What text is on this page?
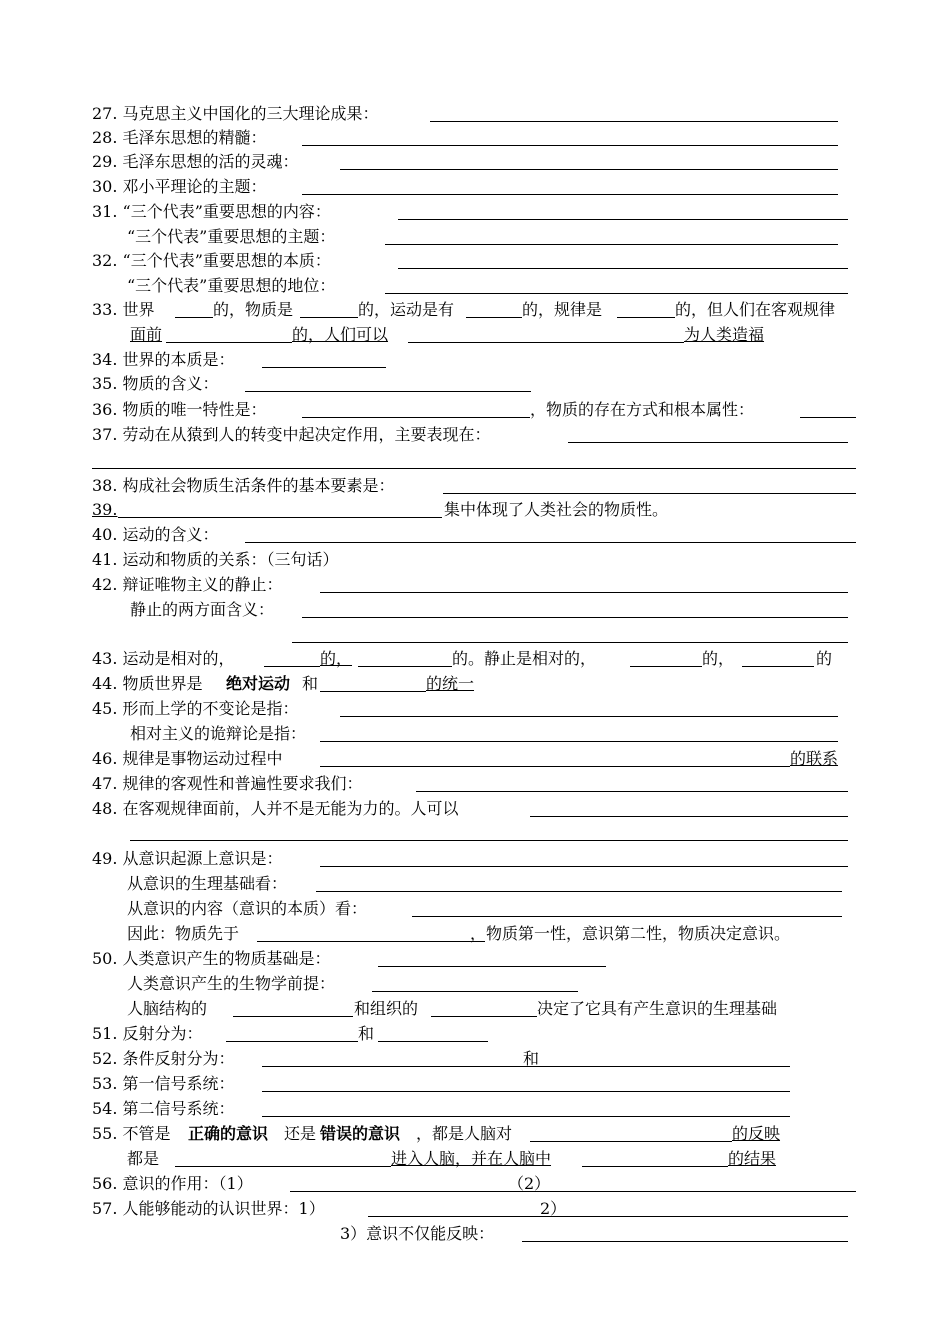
27. 马克思主义中国化的三大理论成果：
28. 毛泽东思想的精髓：
29. 毛泽东思想的活的灵魂：
30. 邓小平理论的主题：
31. “三个代表”重要思想的内容：
“三个代表”重要思想的主题：
32. “三个代表”重要思想的本质：
“三个代表”重要思想的地位：
33. 世界	的，物质是	的，运动是有	的，规律是	的，但人们在客观规律
面前	的，人们可以	为人类造福
34. 世界的本质是：
35. 物质的含义：
36. 物质的唯一特性是：	，物质的存在方式和根本属性：
37. 劳动在从猿到人的转变中起决定作用，主要表现在：
38. 构成社会物质生活条件的基本要素是：
39.	集中体现了人类社会的物质性。
40. 运动的含义：
41. 运动和物质的关系：（三句话）
42. 辩证唯物主义的静止：
静止的两方面含义：
43. 运动是相对的，	的，	的。静止是相对的，	的，	的
44. 物质世界是 绝对运动 和	的统一
45. 形而上学的不变论是指：
相对主义的诡辩论是指：
46. 规律是事物运动过程中	的联系
47. 规律的客观性和普遍性要求我们：
48. 在客观规律面前，人并不是无能为力的。人可以
49. 从意识起源上意识是：
从意识的生理基础看：
从意识的内容（意识的本质）看：
因此：物质先于	，物质第一性，意识第二性，物质决定意识。
50. 人类意识产生的物质基础是：
人类意识产生的生物学前提：
人脑结构的	和组织的	决定了它具有产生意识的生理基础
51. 反射分为：	和
52. 条件反射分为：	和
53. 第一信号系统：
54. 第二信号系统：
55. 不管是 正确的意识 还是 错误的意识 ，都是人脑对	的反映
都是	进入人脑，并在人脑中	的结果
56. 意识的作用：（1）	（2）
57. 人能够能动的认识世界：1）	2）
3）意识不仅能反映：
